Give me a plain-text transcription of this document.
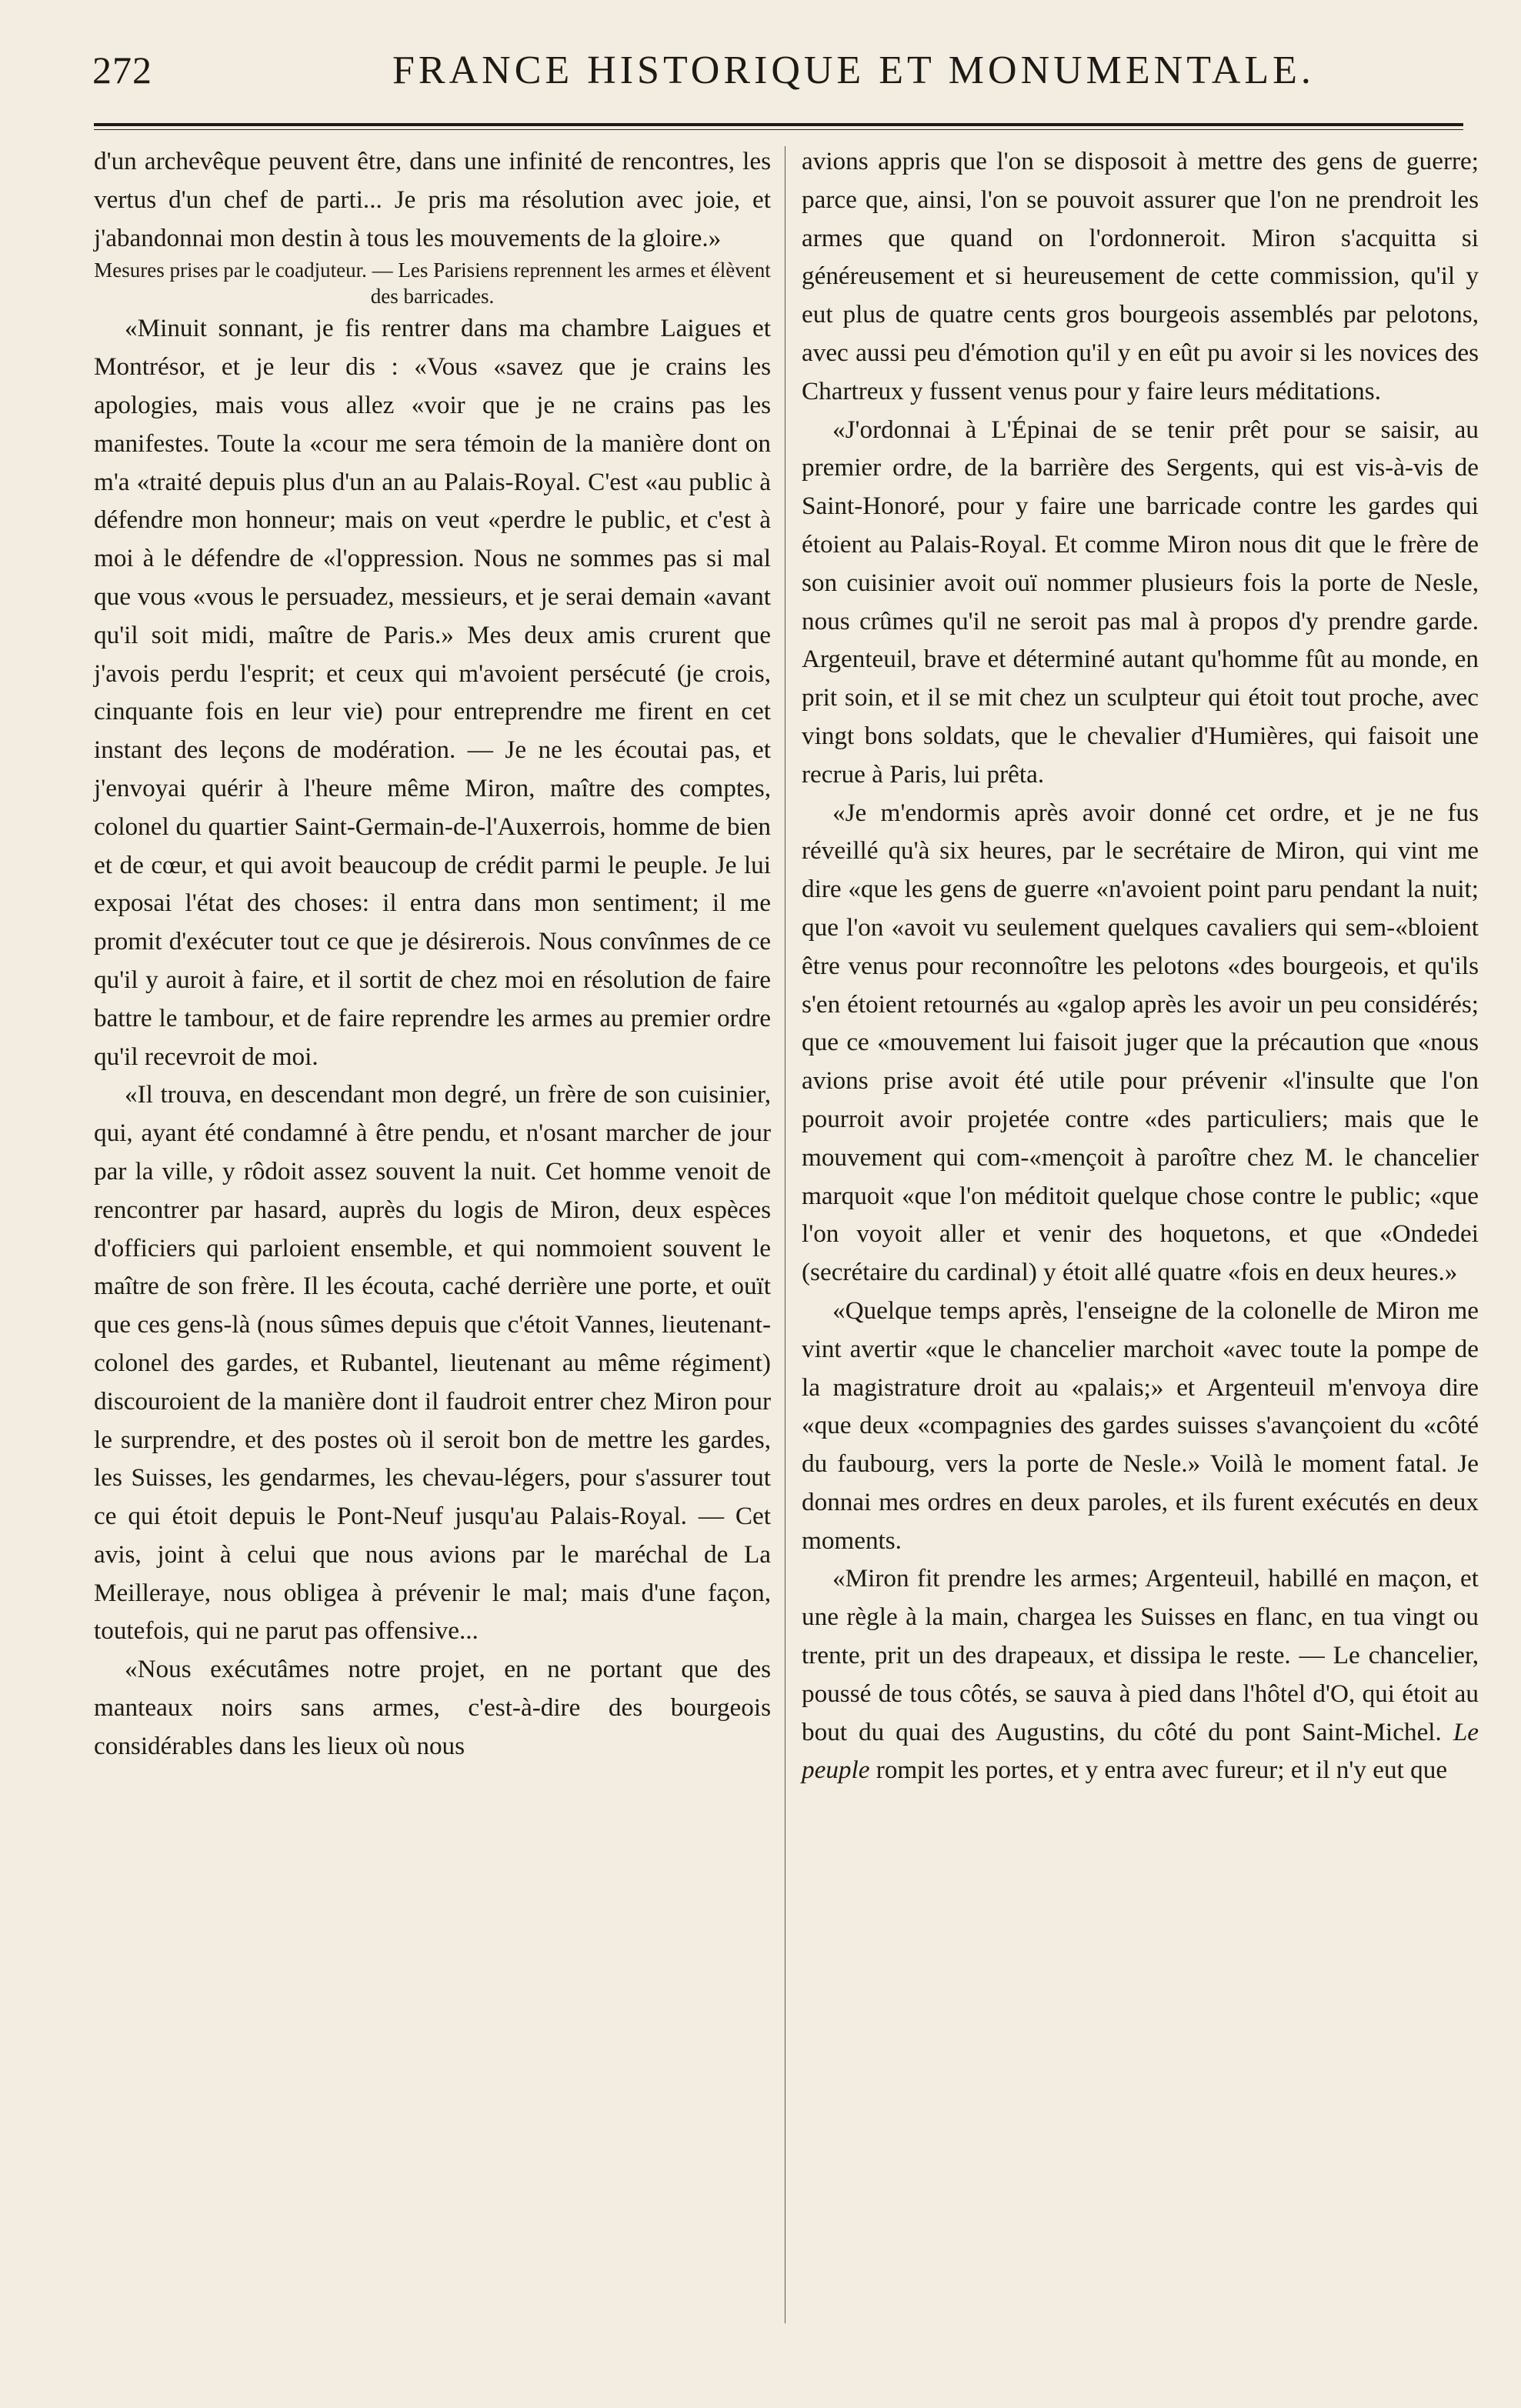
272	FRANCE HISTORIQUE ET MONUMENTALE.

d'un archevêque peuvent être, dans une infinité de rencontres, les vertus d'un chef de parti... Je pris ma résolution avec joie, et j'abandonnai mon destin à tous les mouvements de la gloire.»

Mesures prises par le coadjuteur. — Les Parisiens reprennent les armes et élèvent des barricades.

«Minuit sonnant, je fis rentrer dans ma chambre Laigues et Montrésor, et je leur dis : «Vous «savez que je crains les apologies, mais vous allez «voir que je ne crains pas les manifestes. Toute la «cour me sera témoin de la manière dont on m'a «traité depuis plus d'un an au Palais-Royal. C'est «au public à défendre mon honneur; mais on veut «perdre le public, et c'est à moi à le défendre de «l'oppression. Nous ne sommes pas si mal que vous «vous le persuadez, messieurs, et je serai demain «avant qu'il soit midi, maître de Paris.» Mes deux amis crurent que j'avois perdu l'esprit; et ceux qui m'avoient persécuté (je crois, cinquante fois en leur vie) pour entreprendre me firent en cet instant des leçons de modération. — Je ne les écoutai pas, et j'envoyai quérir à l'heure même Miron, maître des comptes, colonel du quartier Saint-Germain-de-l'Auxerrois, homme de bien et de cœur, et qui avoit beaucoup de crédit parmi le peuple. Je lui exposai l'état des choses: il entra dans mon sentiment; il me promit d'exécuter tout ce que je désirerois. Nous convînmes de ce qu'il y auroit à faire, et il sortit de chez moi en résolution de faire battre le tambour, et de faire reprendre les armes au premier ordre qu'il recevroit de moi.

«Il trouva, en descendant mon degré, un frère de son cuisinier, qui, ayant été condamné à être pendu, et n'osant marcher de jour par la ville, y rôdoit assez souvent la nuit. Cet homme venoit de rencontrer par hasard, auprès du logis de Miron, deux espèces d'officiers qui parloient ensemble, et qui nommoient souvent le maître de son frère. Il les écouta, caché derrière une porte, et ouït que ces gens-là (nous sûmes depuis que c'étoit Vannes, lieutenant-colonel des gardes, et Rubantel, lieutenant au même régiment) discouroient de la manière dont il faudroit entrer chez Miron pour le surprendre, et des postes où il seroit bon de mettre les gardes, les Suisses, les gendarmes, les chevau-légers, pour s'assurer tout ce qui étoit depuis le Pont-Neuf jusqu'au Palais-Royal. — Cet avis, joint à celui que nous avions par le maréchal de La Meilleraye, nous obligea à prévenir le mal; mais d'une façon, toutefois, qui ne parut pas offensive...

«Nous exécutâmes notre projet, en ne portant que des manteaux noirs sans armes, c'est-à-dire des bourgeois considérables dans les lieux où nous

avions appris que l'on se disposoit à mettre des gens de guerre; parce que, ainsi, l'on se pouvoit assurer que l'on ne prendroit les armes que quand on l'ordonneroit. Miron s'acquitta si généreusement et si heureusement de cette commission, qu'il y eut plus de quatre cents gros bourgeois assemblés par pelotons, avec aussi peu d'émotion qu'il y en eût pu avoir si les novices des Chartreux y fussent venus pour y faire leurs méditations.

«J'ordonnai à L'Épinai de se tenir prêt pour se saisir, au premier ordre, de la barrière des Sergents, qui est vis-à-vis de Saint-Honoré, pour y faire une barricade contre les gardes qui étoient au Palais-Royal. Et comme Miron nous dit que le frère de son cuisinier avoit ouï nommer plusieurs fois la porte de Nesle, nous crûmes qu'il ne seroit pas mal à propos d'y prendre garde. Argenteuil, brave et déterminé autant qu'homme fût au monde, en prit soin, et il se mit chez un sculpteur qui étoit tout proche, avec vingt bons soldats, que le chevalier d'Humières, qui faisoit une recrue à Paris, lui prêta.

«Je m'endormis après avoir donné cet ordre, et je ne fus réveillé qu'à six heures, par le secrétaire de Miron, qui vint me dire «que les gens de guerre «n'avoient point paru pendant la nuit; que l'on «avoit vu seulement quelques cavaliers qui sem-«bloient être venus pour reconnoître les pelotons «des bourgeois, et qu'ils s'en étoient retournés au «galop après les avoir un peu considérés; que ce «mouvement lui faisoit juger que la précaution que «nous avions prise avoit été utile pour prévenir «l'insulte que l'on pourroit avoir projetée contre «des particuliers; mais que le mouvement qui com-«mençoit à paroître chez M. le chancelier marquoit «que l'on méditoit quelque chose contre le public; «que l'on voyoit aller et venir des hoquetons, et que «Ondedei (secrétaire du cardinal) y étoit allé quatre «fois en deux heures.»

«Quelque temps après, l'enseigne de la colonelle de Miron me vint avertir «que le chancelier marchoit «avec toute la pompe de la magistrature droit au «palais;» et Argenteuil m'envoya dire «que deux «compagnies des gardes suisses s'avançoient du «côté du faubourg, vers la porte de Nesle.» Voilà le moment fatal. Je donnai mes ordres en deux paroles, et ils furent exécutés en deux moments.

«Miron fit prendre les armes; Argenteuil, habillé en maçon, et une règle à la main, chargea les Suisses en flanc, en tua vingt ou trente, prit un des drapeaux, et dissipa le reste. — Le chancelier, poussé de tous côtés, se sauva à pied dans l'hôtel d'O, qui étoit au bout du quai des Augustins, du côté du pont Saint-Michel. Le peuple rompit les portes, et y entra avec fureur; et il n'y eut que
